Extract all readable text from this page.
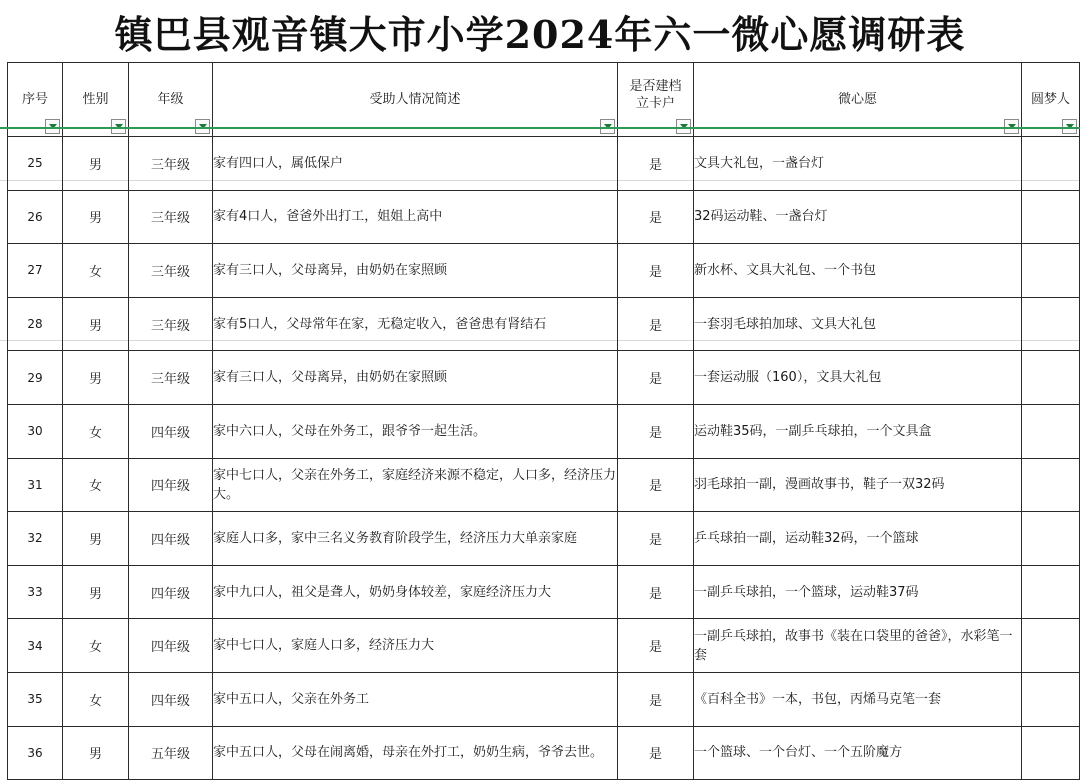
镇巴县观音镇大市小学2024年六一微心愿调研表
序号	性别	年级	受助人情况简述	是否建档立卡户	微心愿	圆梦人

25	男	三年级	家有四口人，属低保户	是	文具大礼包，一盏台灯	
26	男	三年级	家有4口人，爸爸外出打工，姐姐上高中	是	32码运动鞋、一盏台灯	
27	女	三年级	家有三口人，父母离异，由奶奶在家照顾	是	新水杯、文具大礼包、一个书包	
28	男	三年级	家有5口人，父母常年在家，无稳定收入，爸爸患有肾结石	是	一套羽毛球拍加球、文具大礼包	
29	男	三年级	家有三口人，父母离异，由奶奶在家照顾	是	一套运动服（160），文具大礼包	
30	女	四年级	家中六口人，父母在外务工，跟爷爷一起生活。	是	运动鞋35码，一副乒乓球拍，一个文具盒	
31	女	四年级	家中七口人，父亲在外务工，家庭经济来源不稳定，人口多，经济压力大。	是	羽毛球拍一副，漫画故事书，鞋子一双32码	
32	男	四年级	家庭人口多，家中三名义务教育阶段学生，经济压力大单亲家庭	是	乒乓球拍一副，运动鞋32码，一个篮球	
33	男	四年级	家中九口人，祖父是聋人，奶奶身体较差，家庭经济压力大	是	一副乒乓球拍，一个篮球，运动鞋37码	
34	女	四年级	家中七口人，家庭人口多，经济压力大	是	一副乒乓球拍，故事书《装在口袋里的爸爸》，水彩笔一套	
35	女	四年级	家中五口人，父亲在外务工	是	《百科全书》一本，书包，丙烯马克笔一套	
36	男	五年级	家中五口人，父母在闹离婚，母亲在外打工，奶奶生病，爷爷去世。	是	一个篮球、一个台灯、一个五阶魔方	
